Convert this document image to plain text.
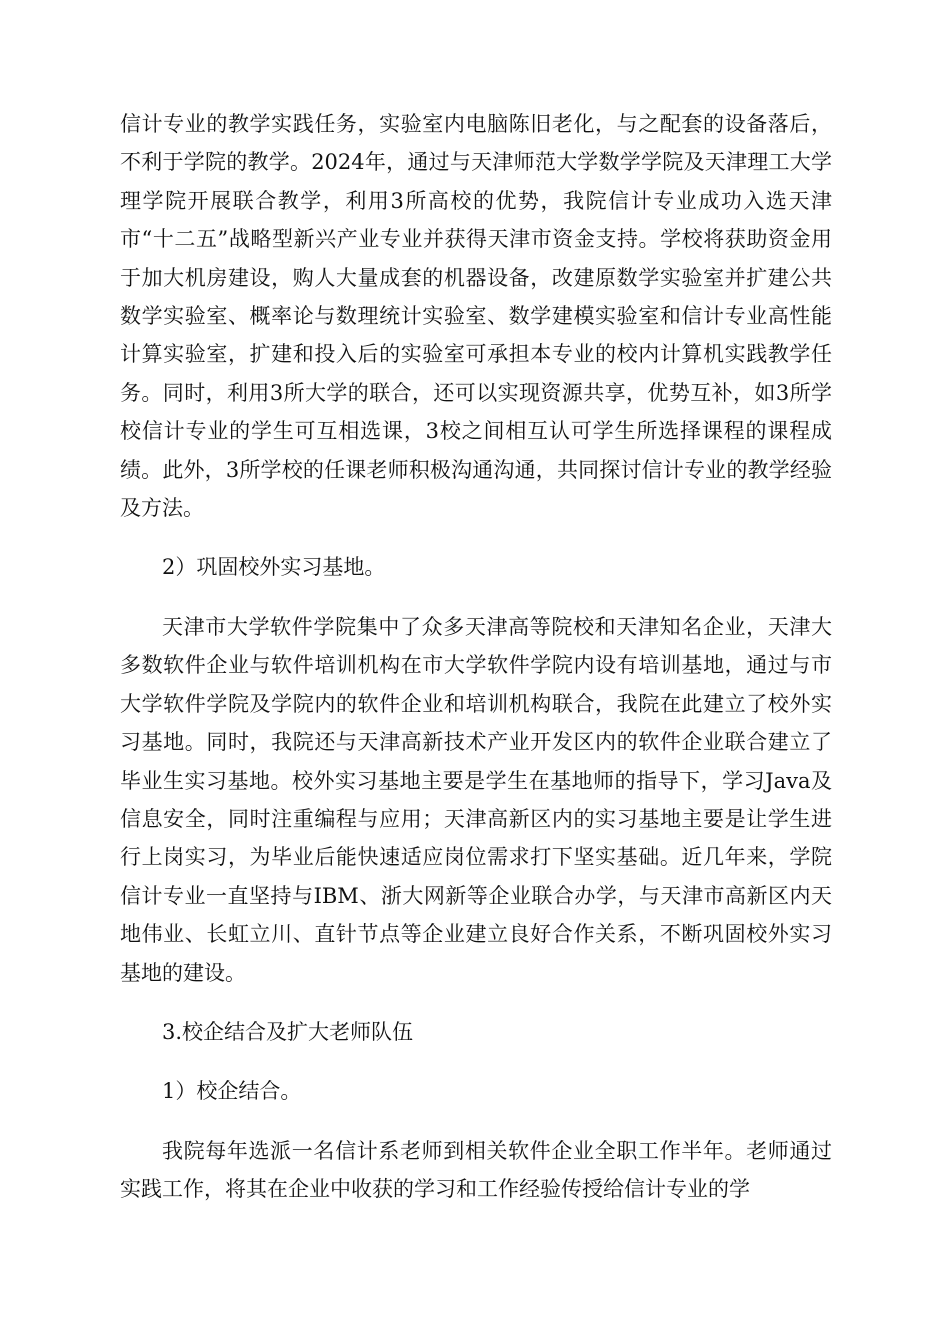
信计专业的教学实践任务，实验室内电脑陈旧老化，与之配套的设备落后，不利于学院的教学。2024年，通过与天津师范大学数学学院及天津理工大学理学院开展联合教学，利用3所高校的优势，我院信计专业成功入选天津市“十二五”战略型新兴产业专业并获得天津市资金支持。学校将获助资金用于加大机房建设，购人大量成套的机器设备，改建原数学实验室并扩建公共数学实验室、概率论与数理统计实验室、数学建模实验室和信计专业高性能计算实验室，扩建和投入后的实验室可承担本专业的校内计算机实践教学任务。同时，利用3所大学的联合，还可以实现资源共享，优势互补，如3所学校信计专业的学生可互相选课，3校之间相互认可学生所选择课程的课程成绩。此外，3所学校的任课老师积极沟通沟通，共同探讨信计专业的教学经验及方法。

2）巩固校外实习基地。

天津市大学软件学院集中了众多天津高等院校和天津知名企业，天津大多数软件企业与软件培训机构在市大学软件学院内设有培训基地，通过与市大学软件学院及学院内的软件企业和培训机构联合，我院在此建立了校外实习基地。同时，我院还与天津高新技术产业开发区内的软件企业联合建立了毕业生实习基地。校外实习基地主要是学生在基地师的指导下，学习Java及信息安全，同时注重编程与应用；天津高新区内的实习基地主要是让学生进行上岗实习，为毕业后能快速适应岗位需求打下坚实基础。近几年来，学院信计专业一直坚持与IBM、浙大网新等企业联合办学，与天津市高新区内天地伟业、长虹立川、直针节点等企业建立良好合作关系，不断巩固校外实习基地的建设。

3.校企结合及扩大老师队伍

1）校企结合。

我院每年选派一名信计系老师到相关软件企业全职工作半年。老师通过实践工作，将其在企业中收获的学习和工作经验传授给信计专业的学
